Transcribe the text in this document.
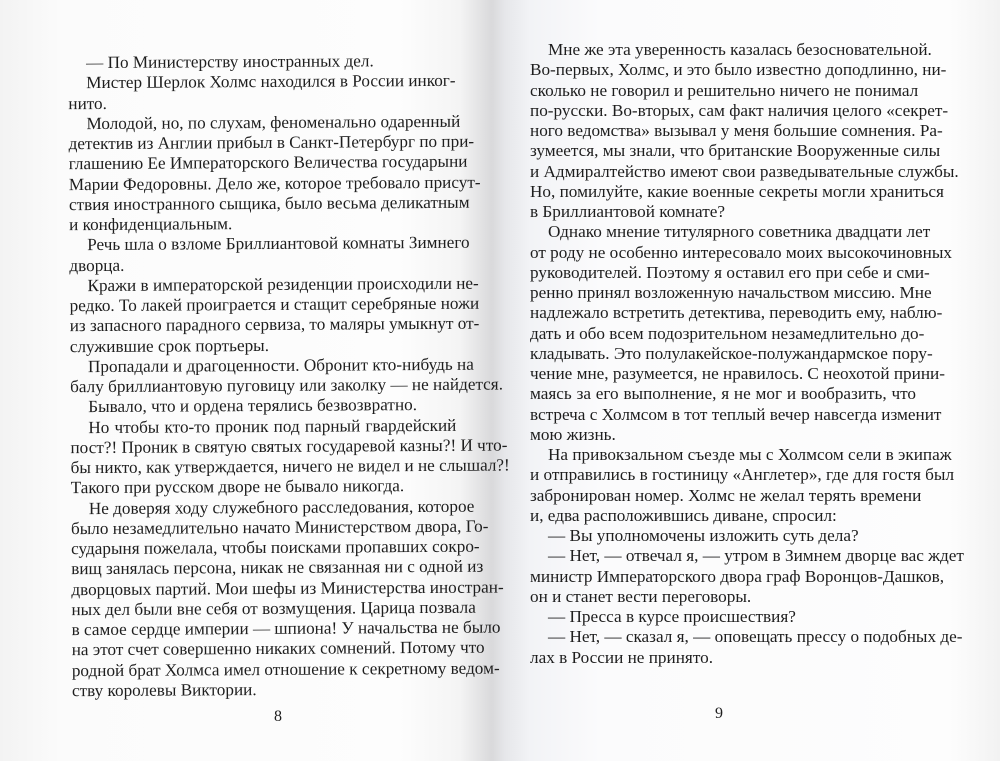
— По Министерству иностранных дел.
Мистер Шерлок Холмс находился в России инког-
нито.
Молодой, но, по слухам, феноменально одаренный
детектив из Англии прибыл в Санкт-Петербург по при-
глашению Ее Императорского Величества государыни
Марии Федоровны. Дело же, которое требовало присут-
ствия иностранного сыщика, было весьма деликатным
и конфиденциальным.
Речь шла о взломе Бриллиантовой комнаты Зимнего
дворца.
Кражи в императорской резиденции происходили не-
редко. То лакей проиграется и стащит серебряные ножи
из запасного парадного сервиза, то маляры умыкнут от-
служившие срок портьеры.
Пропадали и драгоценности. Обронит кто-нибудь на
балу бриллиантовую пуговицу или заколку — не найдется.
Бывало, что и ордена терялись безвозвратно.
Но чтобы кто-то проник под парный гвардейский
пост?! Проник в святую святых государевой казны?! И что-
бы никто, как утверждается, ничего не видел и не слышал?!
Такого при русском дворе не бывало никогда.
Не доверяя ходу служебного расследования, которое
было незамедлительно начато Министерством двора, Го-
сударыня пожелала, чтобы поисками пропавших сокро-
вищ занялась персона, никак не связанная ни с одной из
дворцовых партий. Мои шефы из Министерства иностран-
ных дел были вне себя от возмущения. Царица позвала
в самое сердце империи — шпиона! У начальства не было
на этот счет совершенно никаких сомнений. Потому что
родной брат Холмса имел отношение к секретному ведом-
ству королевы Виктории.
Мне же эта уверенность казалась безосновательной.
Во-первых, Холмс, и это было известно доподлинно, ни-
сколько не говорил и решительно ничего не понимал
по-русски. Во-вторых, сам факт наличия целого «секрет-
ного ведомства» вызывал у меня большие сомнения. Ра-
зумеется, мы знали, что британские Вооруженные силы
и Адмиралтейство имеют свои разведывательные службы.
Но, помилуйте, какие военные секреты могли храниться
в Бриллиантовой комнате?
Однако мнение титулярного советника двадцати лет
от роду не особенно интересовало моих высокочиновных
руководителей. Поэтому я оставил его при себе и сми-
ренно принял возложенную начальством миссию. Мне
надлежало встретить детектива, переводить ему, наблю-
дать и обо всем подозрительном незамедлительно до-
кладывать. Это полулакейское-полужандармское пору-
чение мне, разумеется, не нравилось. С неохотой прини-
маясь за его выполнение, я не мог и вообразить, что
встреча с Холмсом в тот теплый вечер навсегда изменит
мою жизнь.
На привокзальном съезде мы с Холмсом сели в экипаж
и отправились в гостиницу «Англетер», где для гостя был
забронирован номер. Холмс не желал терять времени
и, едва расположившись диване, спросил:
— Вы уполномочены изложить суть дела?
— Нет, — отвечал я, — утром в Зимнем дворце вас ждет
министр Императорского двора граф Воронцов-Дашков,
он и станет вести переговоры.
— Пресса в курсе происшествия?
— Нет, — сказал я, — оповещать прессу о подобных де-
лах в России не принято.
8	9
